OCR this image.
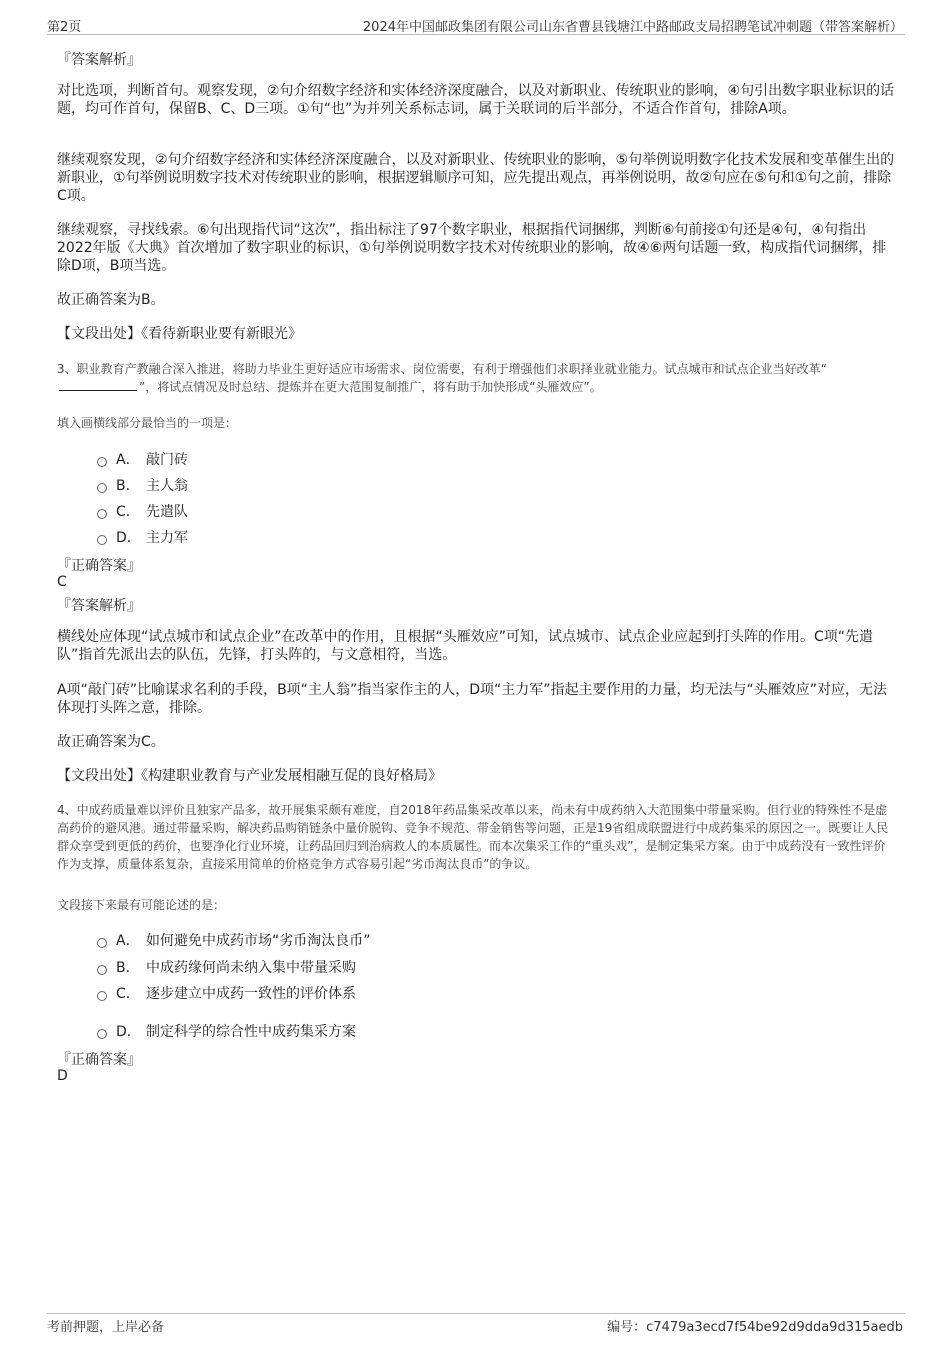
第2页	2024年中国邮政集团有限公司山东省曹县钱塘江中路邮政支局招聘笔试冲刺题（带答案解析）
『答案解析』

对比选项，判断首句。观察发现，②句介绍数字经济和实体经济深度融合，以及对新职业、传统职业的影响，④句引出数字职业标识的话题，均可作首句，保留B、C、D三项。①句“也”为并列关系标志词，属于关联词的后半部分，不适合作首句，排除A项。

继续观察发现，②句介绍数字经济和实体经济深度融合，以及对新职业、传统职业的影响，⑤句举例说明数字化技术发展和变革催生出的新职业，①句举例说明数字技术对传统职业的影响，根据逻辑顺序可知，应先提出观点，再举例说明，故②句应在⑤句和①句之前，排除C项。

继续观察，寻找线索。⑥句出现指代词“这次”，指出标注了97个数字职业，根据指代词捆绑，判断⑥句前接①句还是④句，④句指出2022年版《大典》首次增加了数字职业的标识，①句举例说明数字技术对传统职业的影响，故④⑥两句话题一致，构成指代词捆绑，排除D项，B项当选。

故正确答案为B。

【文段出处】《看待新职业要有新眼光》

3、职业教育产教融合深入推进，将助力毕业生更好适应市场需求、岗位需要，有利于增强他们求职择业就业能力。试点城市和试点企业当好改革“”，将试点情况及时总结、提炼并在更大范围复制推广，将有助于加快形成“头雁效应”。

填入画横线部分最恰当的一项是：

A． 敲门砖
B． 主人翁
C． 先遣队
D． 主力军
『正确答案』
C
『答案解析』

横线处应体现“试点城市和试点企业”在改革中的作用，且根据“头雁效应”可知，试点城市、试点企业应起到打头阵的作用。C项“先遣队”指首先派出去的队伍，先锋，打头阵的，与文意相符，当选。

A项“敲门砖”比喻谋求名利的手段，B项“主人翁”指当家作主的人，D项“主力军”指起主要作用的力量，均无法与“头雁效应”对应，无法体现打头阵之意，排除。

故正确答案为C。

【文段出处】《构建职业教育与产业发展相融互促的良好格局》

4、中成药质量难以评价且独家产品多，故开展集采颇有难度，自2018年药品集采改革以来，尚未有中成药纳入大范围集中带量采购。但行业的特殊性不是虚高药价的避风港。通过带量采购，解决药品购销链条中量价脱钩、竞争不规范、带金销售等问题，正是19省组成联盟进行中成药集采的原因之一。既要让人民群众享受到更低的药价，也要净化行业环境，让药品回归到治病救人的本质属性。而本次集采工作的“重头戏”，是制定集采方案。由于中成药没有一致性评价作为支撑，质量体系复杂，直接采用简单的价格竞争方式容易引起“劣币淘汰良币”的争议。

文段接下来最有可能论述的是：

A． 如何避免中成药市场“劣币淘汰良币”
B． 中成药缘何尚未纳入集中带量采购
C． 逐步建立中成药一致性的评价体系
D． 制定科学的综合性中成药集采方案
『正确答案』
D
考前押题，上岸必备	编号：c7479a3ecd7f54be92d9dda9d315aedb
